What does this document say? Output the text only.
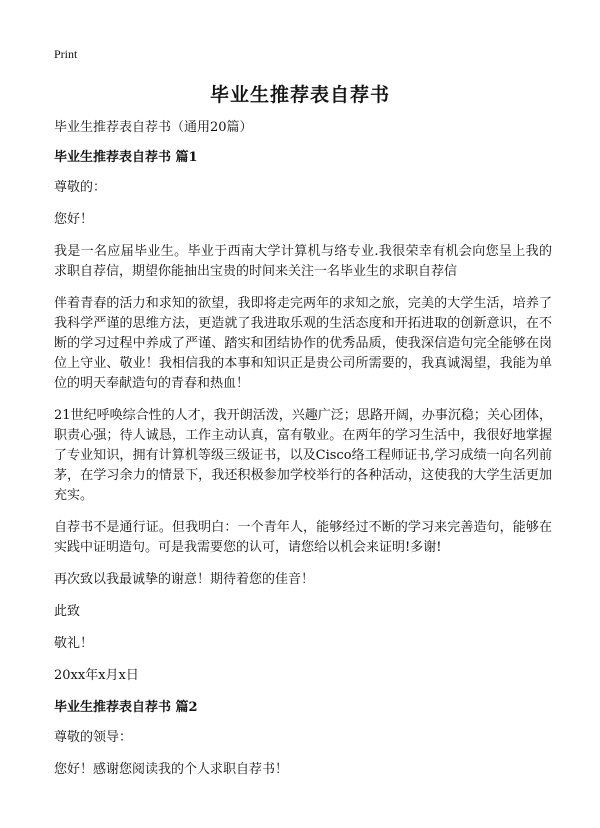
Print
毕业生推荐表自荐书

毕业生推荐表自荐书（通用20篇）

毕业生推荐表自荐书 篇1

尊敬的：

您好！

我是一名应届毕业生。毕业于西南大学计算机与络专业.我很荣幸有机会向您呈上我的求职自荐信，期望你能抽出宝贵的时间来关注一名毕业生的求职自荐信

伴着青春的活力和求知的欲望，我即将走完两年的求知之旅，完美的大学生活，培养了我科学严谨的思维方法，更造就了我进取乐观的生活态度和开拓进取的创新意识，在不断的学习过程中养成了严谨、踏实和团结协作的优秀品质，使我深信造句完全能够在岗位上守业、敬业！我相信我的本事和知识正是贵公司所需要的，我真诚渴望，我能为单位的明天奉献造句的青春和热血！

21世纪呼唤综合性的人才，我开朗活泼，兴趣广泛；思路开阔，办事沉稳；关心团体，职责心强；待人诚恳，工作主动认真，富有敬业。在两年的学习生活中，我很好地掌握了专业知识，拥有计算机等级三级证书，以及Cisco络工程师证书,学习成绩一向名列前茅，在学习余力的情景下，我还积极参加学校举行的各种活动，这使我的大学生活更加充实。

自荐书不是通行证。但我明白：一个青年人，能够经过不断的学习来完善造句，能够在实践中证明造句。可是我需要您的认可，请您给以机会来证明!多谢!

再次致以我最诚挚的谢意！期待着您的佳音！

此致

敬礼！

20xx年x月x日

毕业生推荐表自荐书 篇2

尊敬的领导：

您好！感谢您阅读我的个人求职自荐书！
